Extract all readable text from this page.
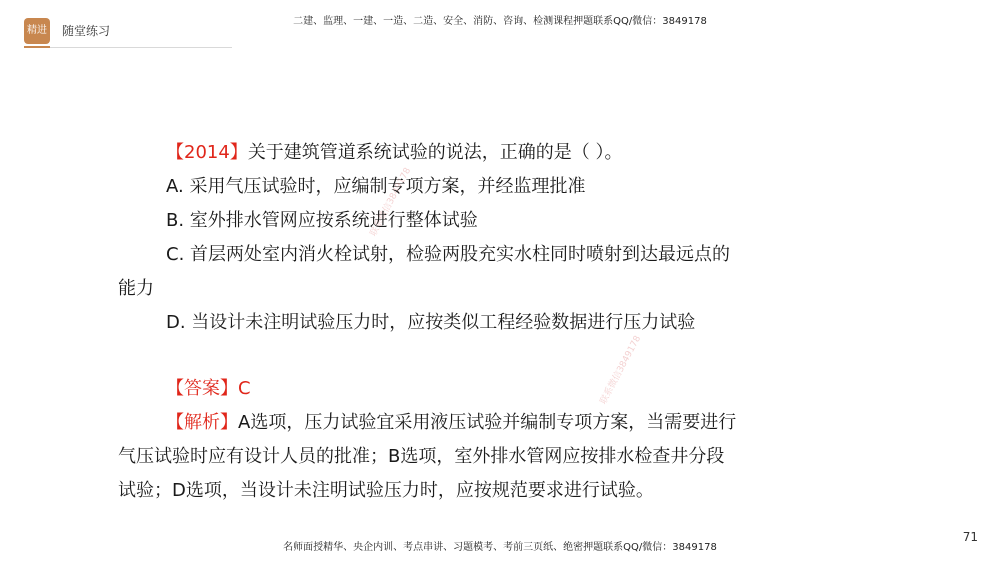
精进 随堂练习
二建、监理、一建、一造、二造、安全、消防、咨询、检测课程押题联系QQ/微信：3849178
联系微信3849178
联系微信3849178
【2014】关于建筑管道系统试验的说法，正确的是（ ）。
A. 采用气压试验时，应编制专项方案，并经监理批准
B. 室外排水管网应按系统进行整体试验
C. 首层两处室内消火栓试射，检验两股充实水柱同时喷射到达最远点的
能力
D. 当设计未注明试验压力时，应按类似工程经验数据进行压力试验
【答案】C
【解析】A选项，压力试验宜采用液压试验并编制专项方案，当需要进行
气压试验时应有设计人员的批准；B选项，室外排水管网应按排水检查井分段
试验；D选项，当设计未注明试验压力时，应按规范要求进行试验。
名师面授精华、央企内训、考点串讲、习题模考、考前三页纸、绝密押题联系QQ/微信：3849178
71
